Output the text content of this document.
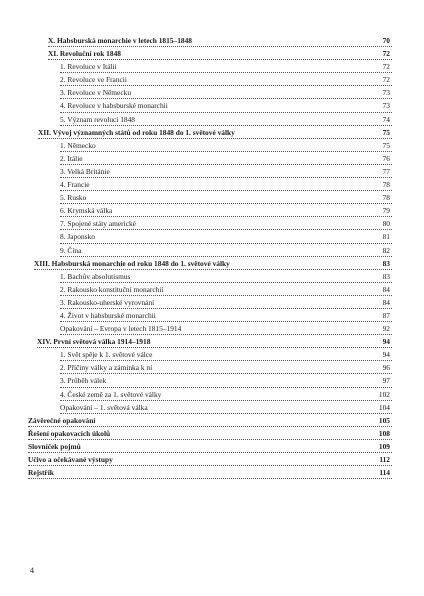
X. Habsburská monarchie v letech 1815–1848	70
XI. Revoluční rok 1848	72
1. Revoluce v Itálii	72
2. Revoluce ve Francii	72
3. Revoluce v Německu	73
4. Revoluce v habsburské monarchii	73
5. Význam revolucí 1848	74
XII. Vývoj významných států od roku 1848 do 1. světové války	75
1. Německo	75
2. Itálie	76
3. Velká Británie	77
4. Francie	78
5. Rusko	78
6. Krymská válka	79
7. Spojené státy americké	80
8. Japonsko	81
9. Čína	82
XIII. Habsburská monarchie od roku 1848 do 1. světové války	83
1. Bachův absolutismus	83
2. Rakousko konstituční monarchií	84
3. Rakousko-uherské vyrovnání	84
4. Život v habsburské monarchii	87
Opakování – Evropa v letech 1815–1914	92
XIV. První světová válka 1914–1918	94
1. Svět spěje k 1. světové válce	94
2. Příčiny války a záminka k ní	96
3. Průběh válek	97
4. České země za 1. světové války	102
Opakování – 1. světová válka	104
Závěrečné opakování	105
Řešení opakovacích úkolů	108
Slovníček pojmů	109
Učivo a očekávané výstupy	112
Rejstřík	114
4
